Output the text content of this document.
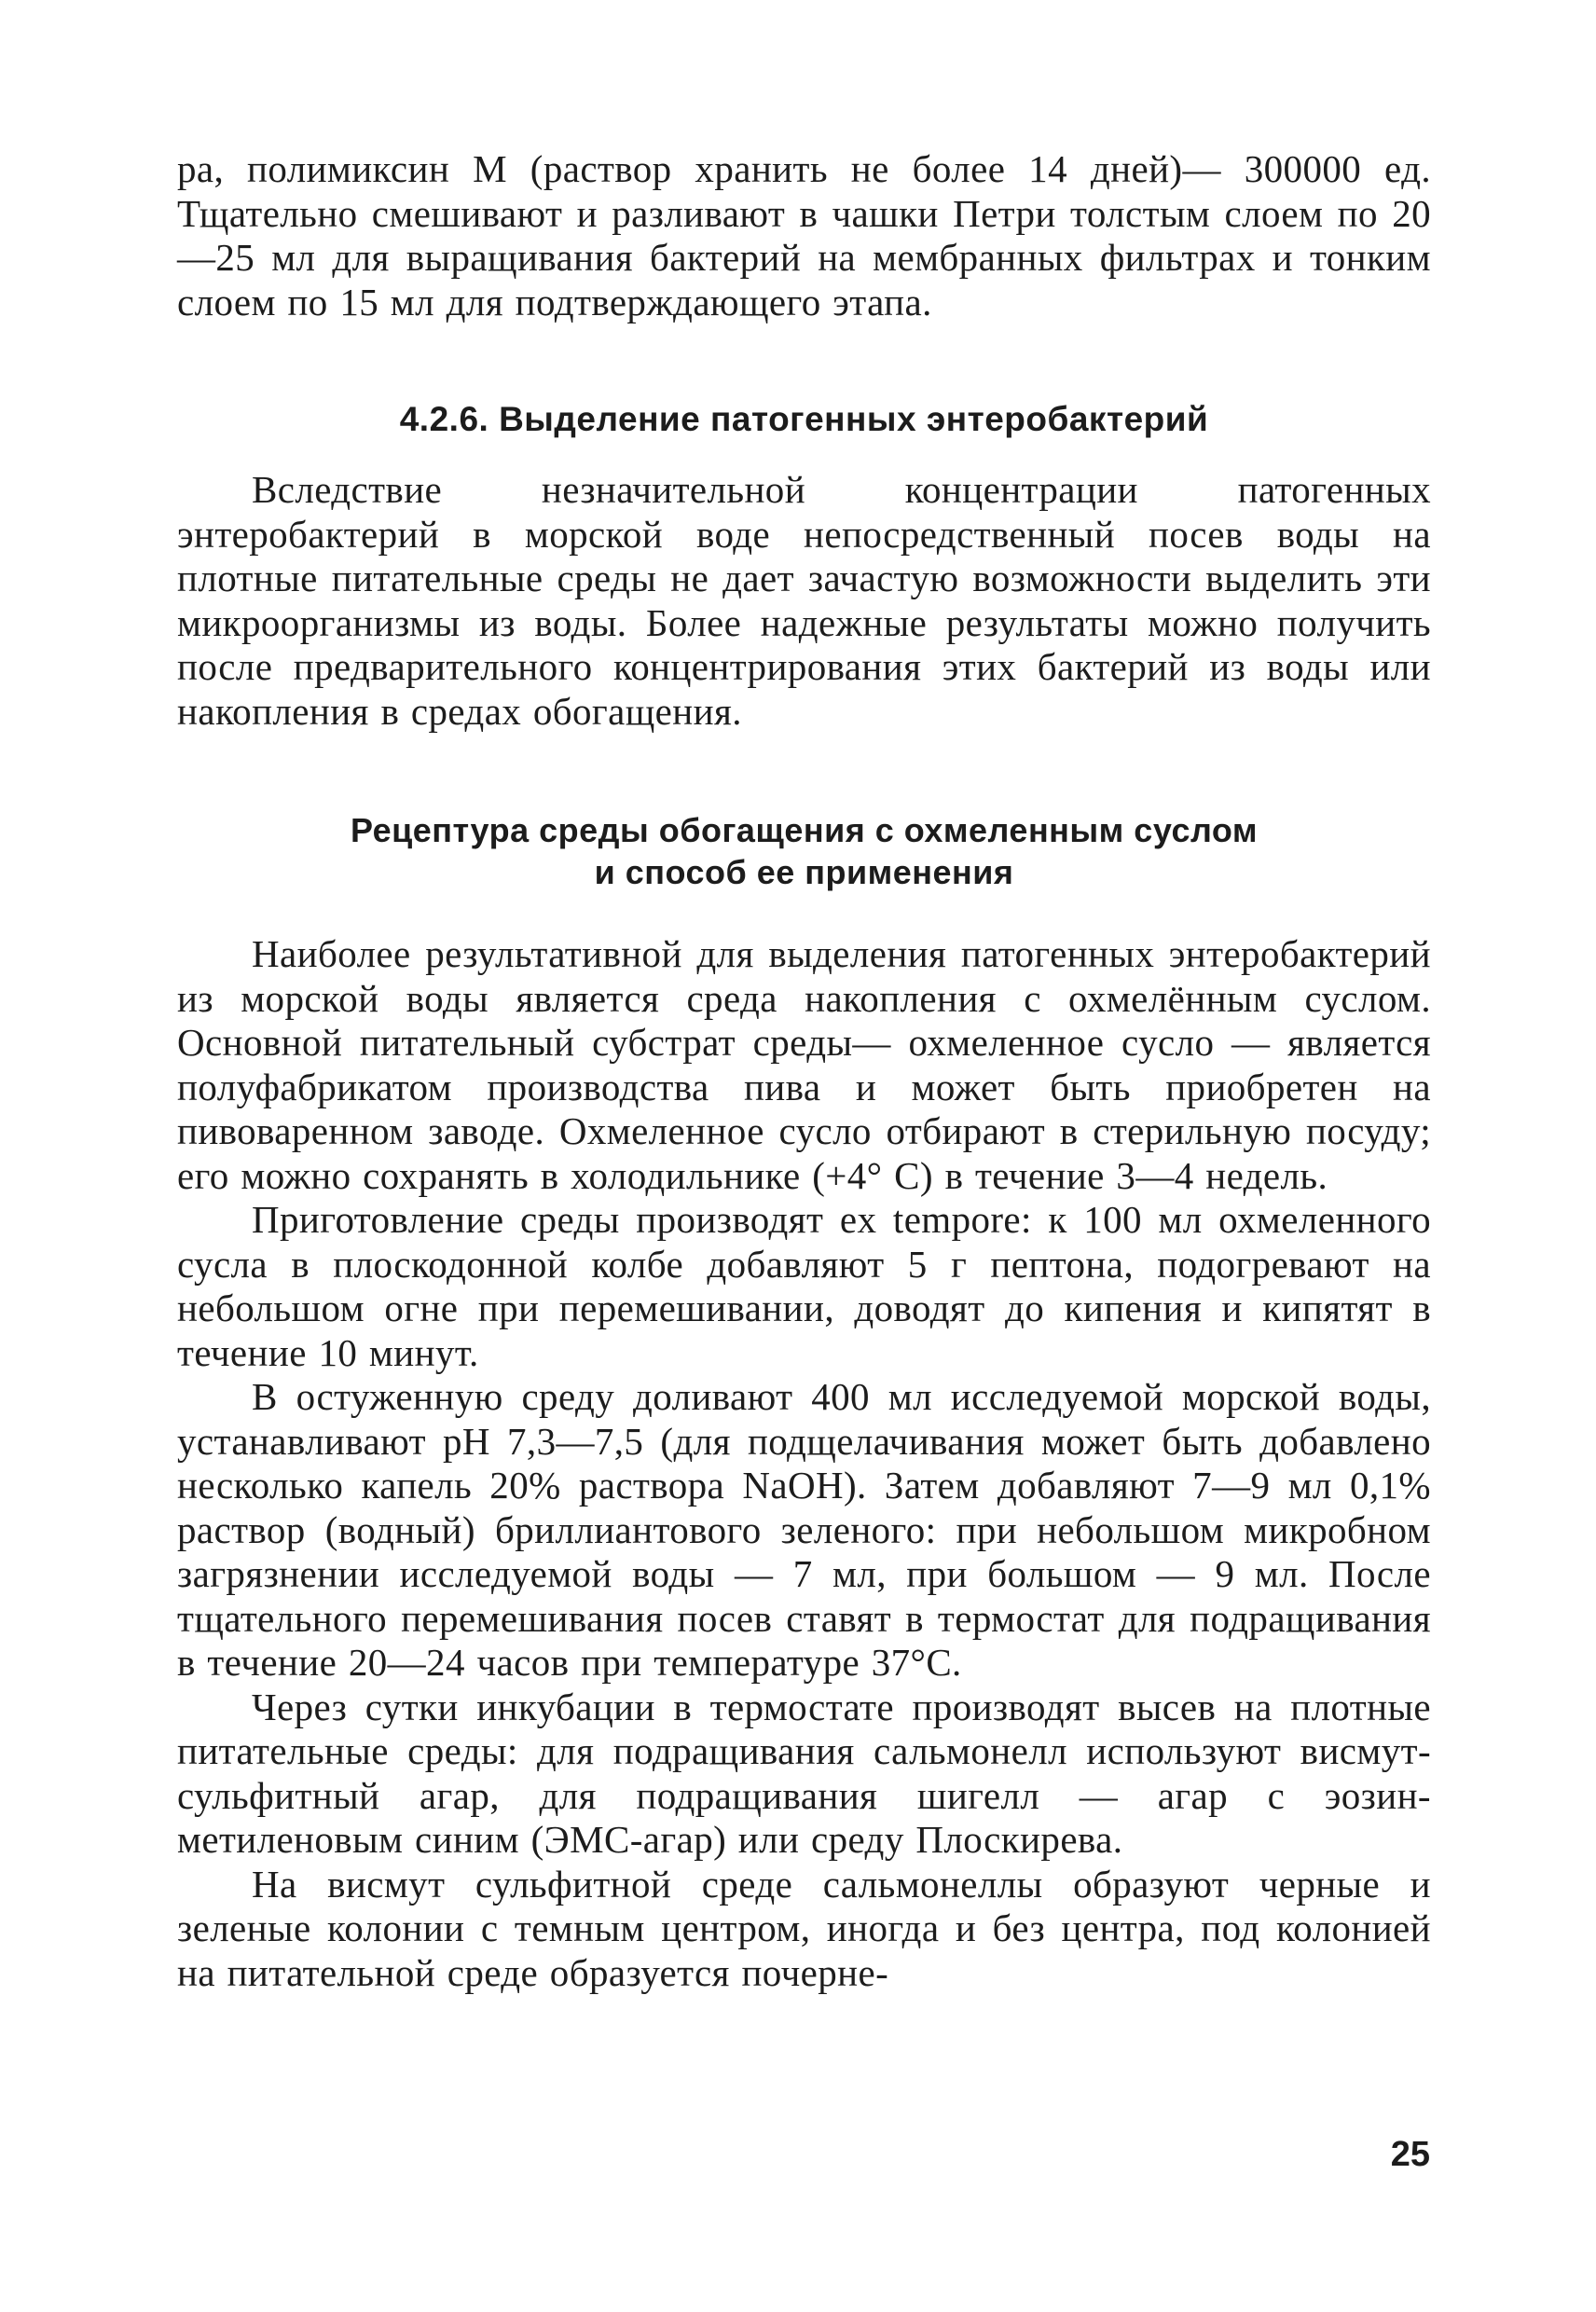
ра, полимиксин М (раствор хранить не более 14 дней)— 300000 ед. Тщательно смешивают и разливают в чашки Петри толстым слоем по 20—25 мл для выращивания бактерий на мембранных фильтрах и тонким слоем по 15 мл для подтверждающего этапа.

4.2.6. Выделение патогенных энтеробактерий

Вследствие незначительной концентрации патогенных энтеробактерий в морской воде непосредственный посев воды на плотные питательные среды не дает зачастую возможности выделить эти микроорганизмы из воды. Более надежные результаты можно получить после предварительного концентрирования этих бактерий из воды или накопления в средах обогащения.

Рецептура среды обогащения с охмеленным суслом
и способ ее применения

Наиболее результативной для выделения патогенных энтеробактерий из морской воды является среда накопления с охмелённым суслом. Основной питательный субстрат среды— охмеленное сусло — является полуфабрикатом производства пива и может быть приобретен на пивоваренном заводе. Охмеленное сусло отбирают в стерильную посуду; его можно сохранять в холодильнике (+4° С) в течение 3—4 недель.

Приготовление среды производят ex tempore: к 100 мл охмеленного сусла в плоскодонной колбе добавляют 5 г пептона, подогревают на небольшом огне при перемешивании, доводят до кипения и кипятят в течение 10 минут.

В остуженную среду доливают 400 мл исследуемой морской воды, устанавливают рН 7,3—7,5 (для подщелачивания может быть добавлено несколько капель 20% раствора NaOH). Затем добавляют 7—9 мл 0,1% раствор (водный) бриллиантового зеленого: при небольшом микробном загрязнении исследуемой воды — 7 мл, при большом — 9 мл. После тщательного перемешивания посев ставят в термостат для подращивания в течение 20—24 часов при температуре 37°С.

Через сутки инкубации в термостате производят высев на плотные питательные среды: для подращивания сальмонелл используют висмут-сульфитный агар, для подращивания шигелл — агар с эозин-метиленовым синим (ЭМС-агар) или среду Плоскирева.

На висмут сульфитной среде сальмонеллы образуют черные и зеленые колонии с темным центром, иногда и без центра, под колонией на питательной среде образуется почерне-

25
